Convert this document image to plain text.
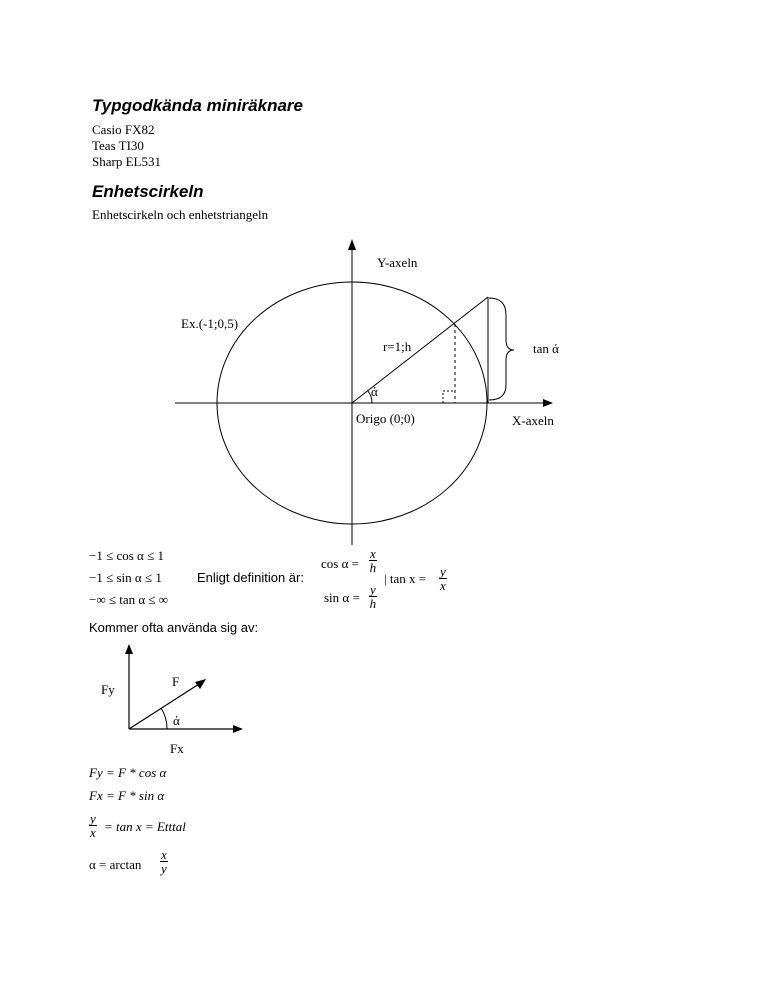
Typgodkända miniräknare
Casio FX82
Teas TI30
Sharp EL531
Enhetscirkeln
Enhetscirkeln och enhetstriangeln
Y-axeln
X-axeln
Ex.(-1;0,5)
r=1;h	tan ά
ά
Origo (0;0)
−1 ≤ cos α ≤ 1
−1 ≤ sin α ≤ 1
−∞ ≤ tan α ≤ ∞
Enligt definition är:
$\cos \alpha = \frac{x}{h}$
| $\tan x = \frac{y}{x}$
$\sin \alpha = \frac{y}{h}$
Kommer ofta använda sig av:
Fy
F
ά
Fx
Fy = F * cos α
Fx = F * sin α
$\frac{y}{x} = \tan x$ = Etttal
$\alpha = \arctan \frac{x}{y}$
